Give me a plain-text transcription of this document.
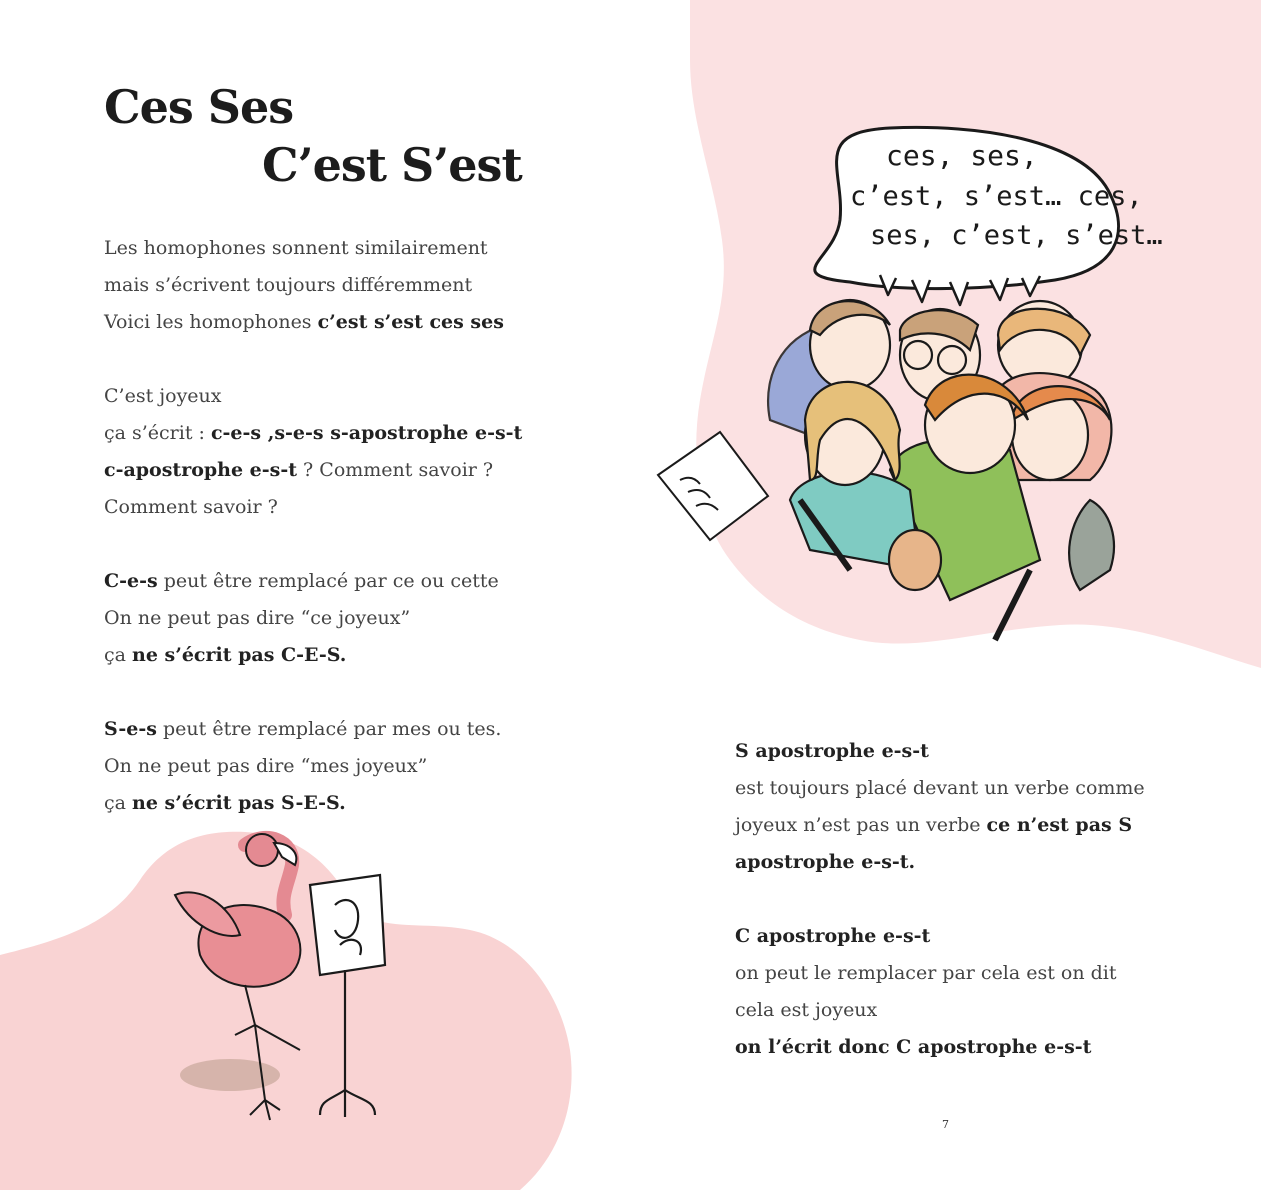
Ces Ses
C’est S’est

Les homophones sonnent similairement
mais s’écrivent toujours différemment
Voici les homophones c’est s’est ces ses

C’est joyeux
ça s’écrit : c-e-s ,s-e-s s-apostrophe e-s-t
c-apostrophe e-s-t ? Comment savoir ?
Comment savoir ?

C-e-s peut être remplacé par ce ou cette
On ne peut pas dire “ce joyeux”
ça ne s’écrit pas C-E-S.

S-e-s peut être remplacé par mes ou tes.
On ne peut pas dire “mes joyeux”
ça ne s’écrit pas S-E-S.

S apostrophe e-s-t
est toujours placé devant un verbe comme
joyeux n’est pas un verbe ce n’est pas S
apostrophe e-s-t.

C apostrophe e-s-t
on peut le remplacer par cela est on dit
cela est joyeux
on l’écrit donc C apostrophe e-s-t

ces, ses,
c’est, s’est… ces,
ses, c’est, s’est…
7
